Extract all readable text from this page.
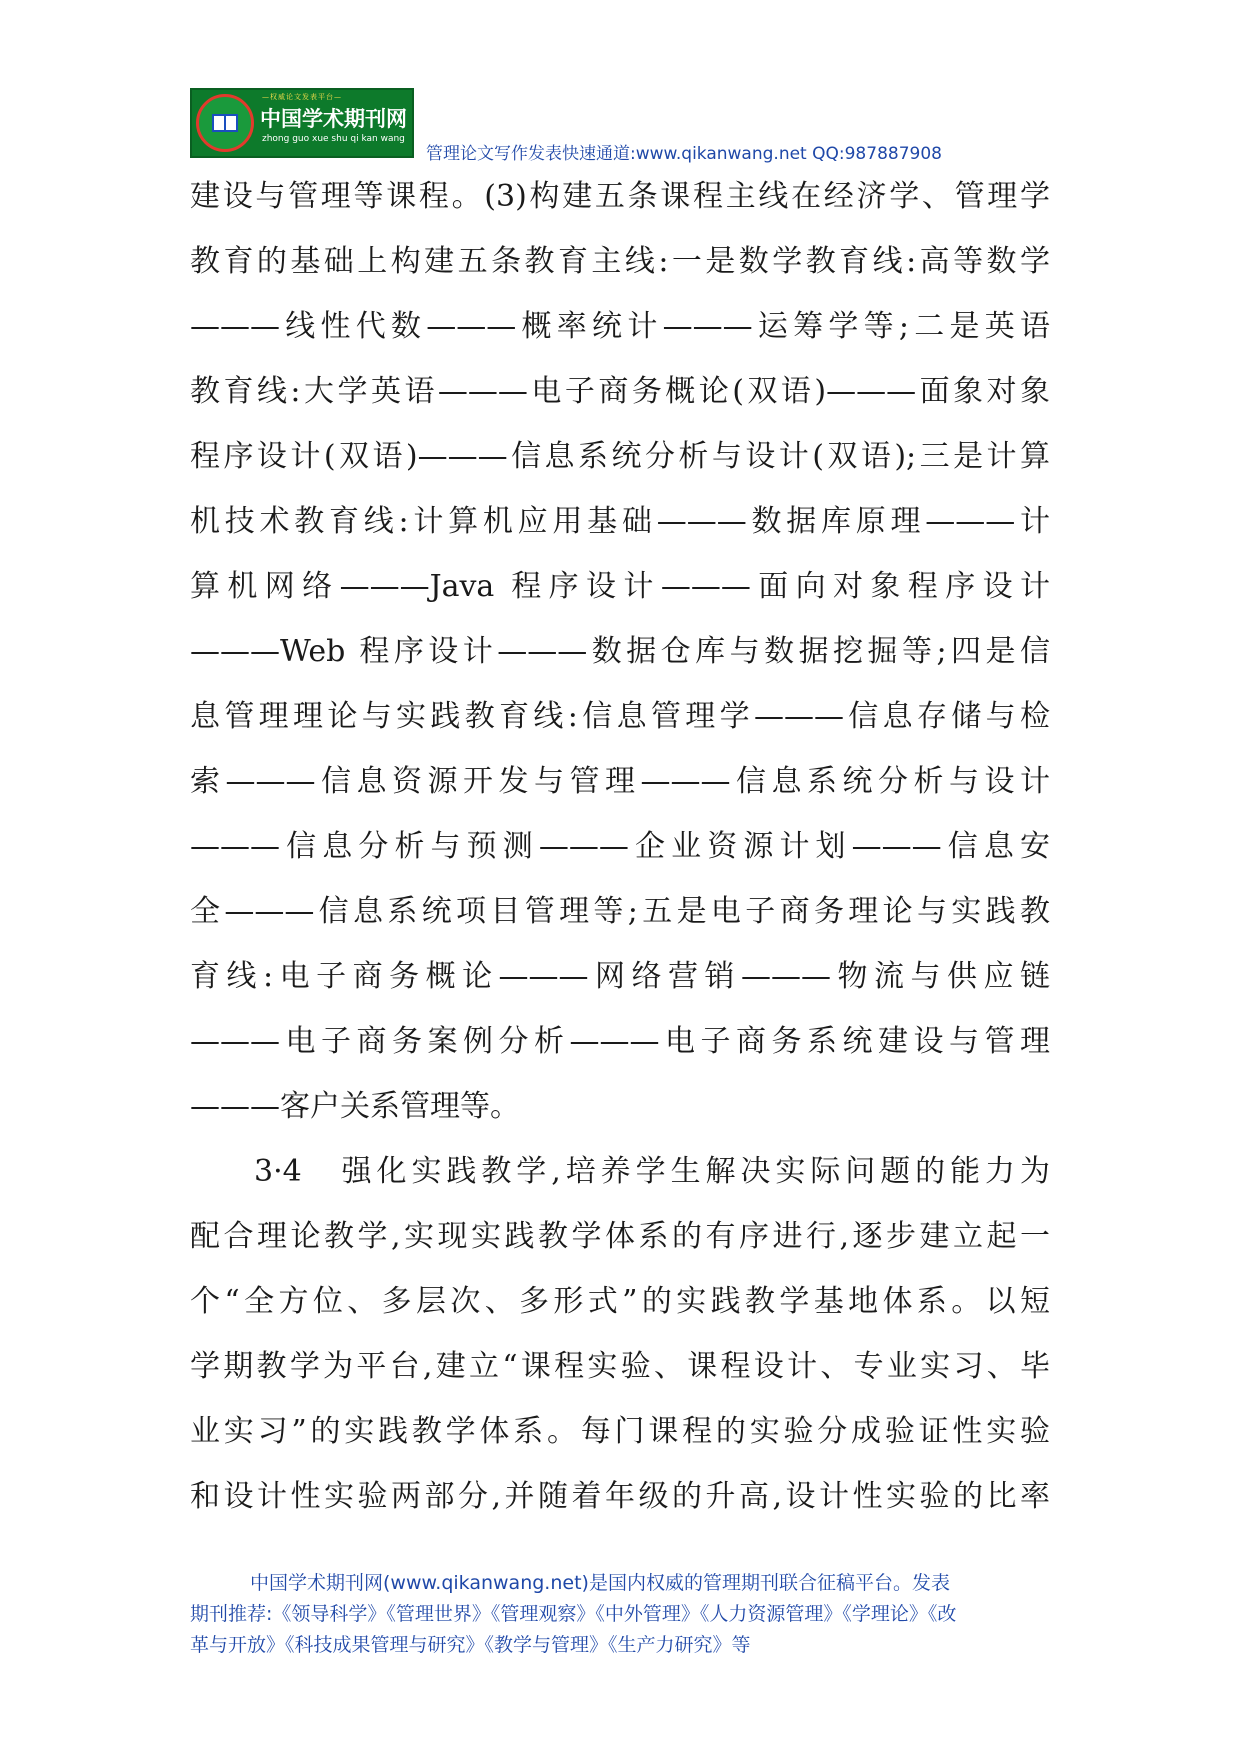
—权威论文发表平台—
中国学术期刊网
zhong guo xue shu qi kan wang
管理论文写作发表快速通道:www.qikanwang.net QQ:987887908
建设与管理等课程。(3)构建五条课程主线在经济学、管理学
教育的基础上构建五条教育主线:一是数学教育线:高等数学
———线性代数———概率统计———运筹学等;二是英语
教育线:大学英语———电子商务概论(双语)———面象对象
程序设计(双语)———信息系统分析与设计(双语);三是计算
机技术教育线:计算机应用基础———数据库原理———计
算机网络———Java 程序设计———面向对象程序设计
———Web 程序设计———数据仓库与数据挖掘等;四是信
息管理理论与实践教育线:信息管理学———信息存储与检
索———信息资源开发与管理———信息系统分析与设计
———信息分析与预测———企业资源计划———信息安
全———信息系统项目管理等;五是电子商务理论与实践教
育线:电子商务概论———网络营销———物流与供应链
———电子商务案例分析———电子商务系统建设与管理
———客户关系管理等。
3·4　强化实践教学,培养学生解决实际问题的能力为
配合理论教学,实现实践教学体系的有序进行,逐步建立起一
个“全方位、多层次、多形式”的实践教学基地体系。以短
学期教学为平台,建立“课程实验、课程设计、专业实习、毕
业实习”的实践教学体系。每门课程的实验分成验证性实验
和设计性实验两部分,并随着年级的升高,设计性实验的比率
中国学术期刊网(www.qikanwang.net)是国内权威的管理期刊联合征稿平台。发表
期刊推荐:《领导科学》《管理世界》《管理观察》《中外管理》《人力资源管理》《学理论》《改
革与开放》《科技成果管理与研究》《教学与管理》《生产力研究》等
